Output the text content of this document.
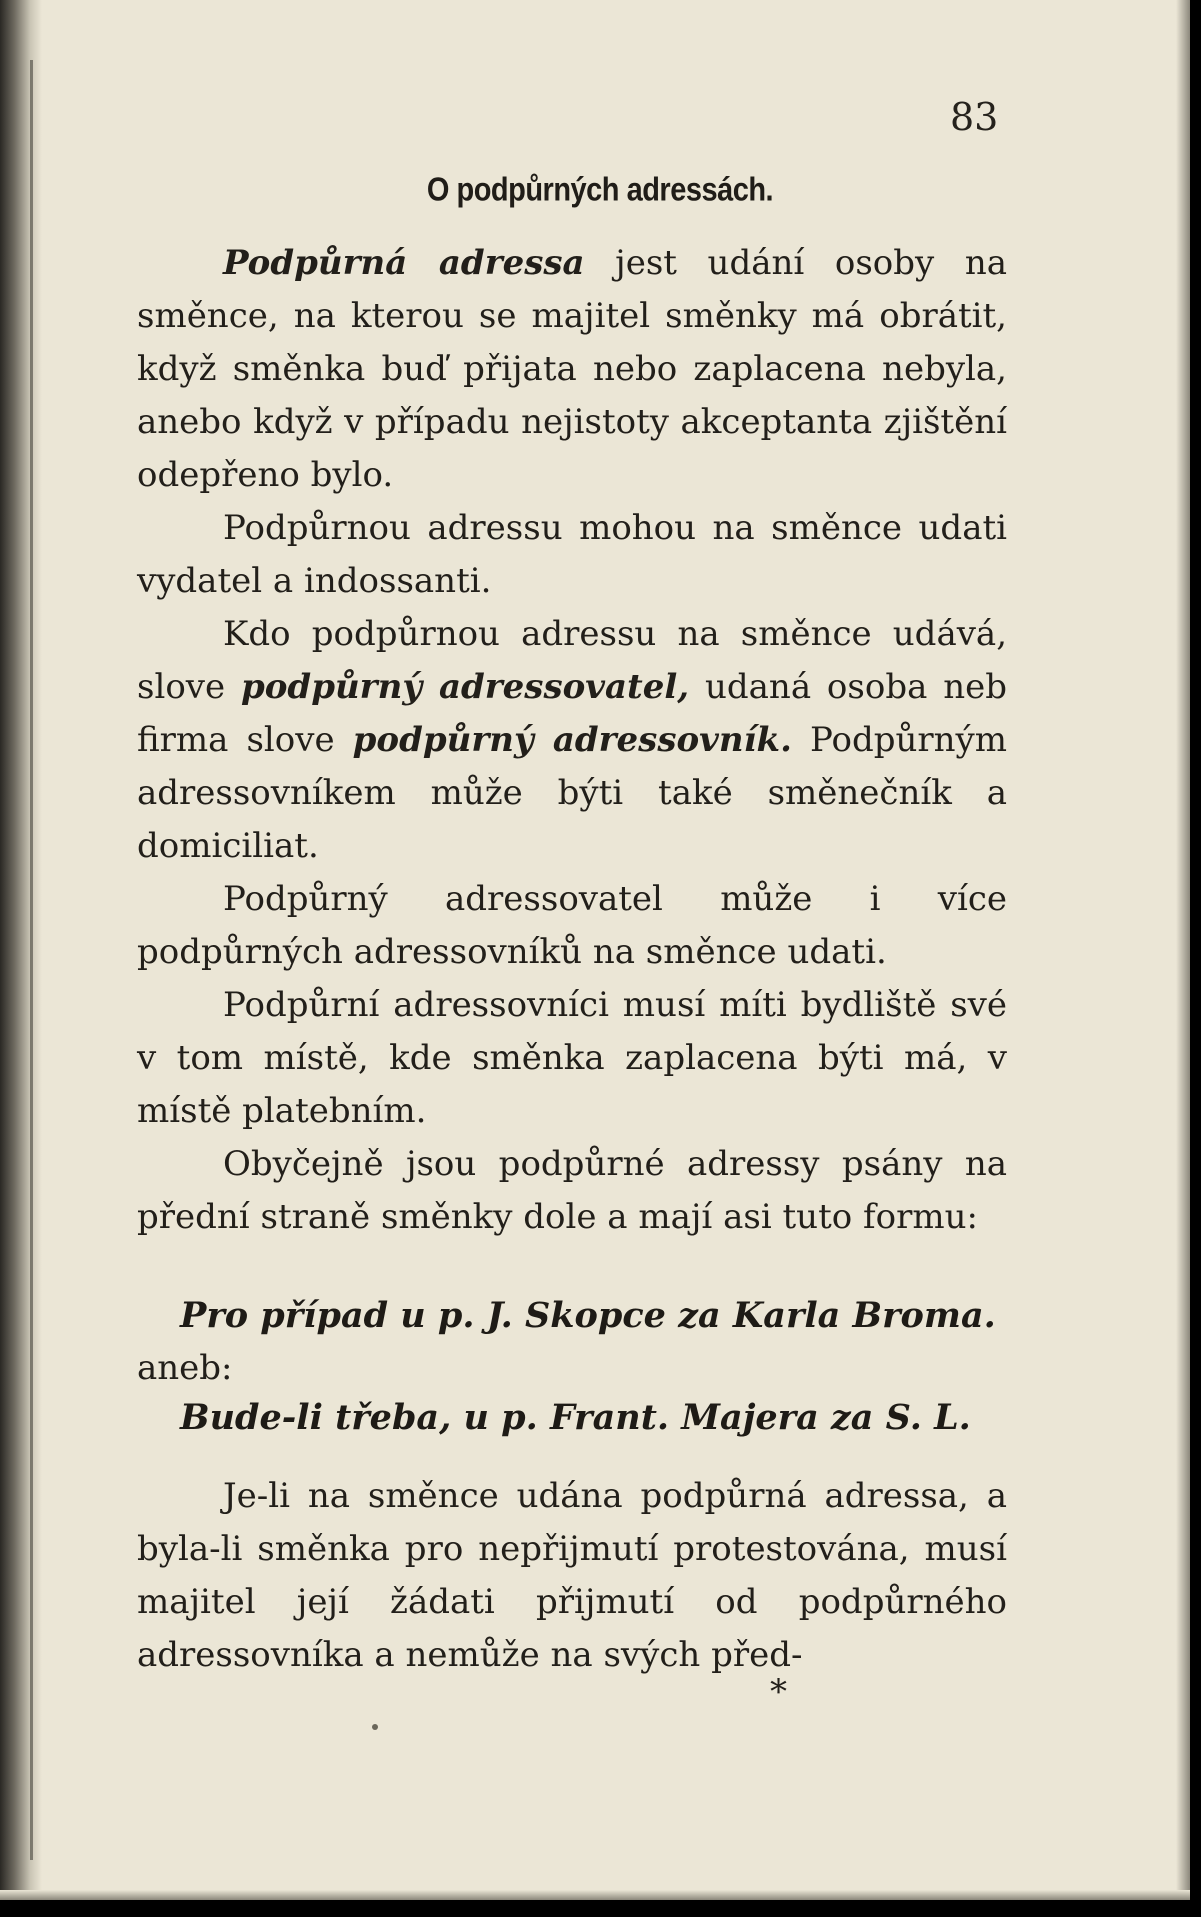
83
O podpůrných adressách.

Podpůrná adressa jest udání osoby na směnce, na kterou se majitel směnky má obrátit, když směnka buď přijata nebo zaplacena nebyla, anebo když v případu nejistoty akceptanta zjištění odepřeno bylo.

Podpůrnou adressu mohou na směnce udati vydatel a indossanti.

Kdo podpůrnou adressu na směnce udává, slove podpůrný adressovatel, udaná osoba neb firma slove podpůrný adressovník. Podpůrným adressovníkem může býti také směnečník a domiciliat.

Podpůrný adressovatel může i více podpůrných adressovníků na směnce udati.

Podpůrní adressovníci musí míti bydliště své v tom místě, kde směnka zaplacena býti má, v místě platebním.

Obyčejně jsou podpůrné adressy psány na přední straně směnky dole a mají asi tuto formu:

Pro případ u p. J. Skopce za Karla Broma.
aneb:
Bude-li třeba, u p. Frant. Majera za S. L.

Je-li na směnce udána podpůrná adressa, a byla-li směnka pro nepřijmutí protestována, musí majitel její žádati přijmutí od podpůrného adressovníka a nemůže na svých před-

*
